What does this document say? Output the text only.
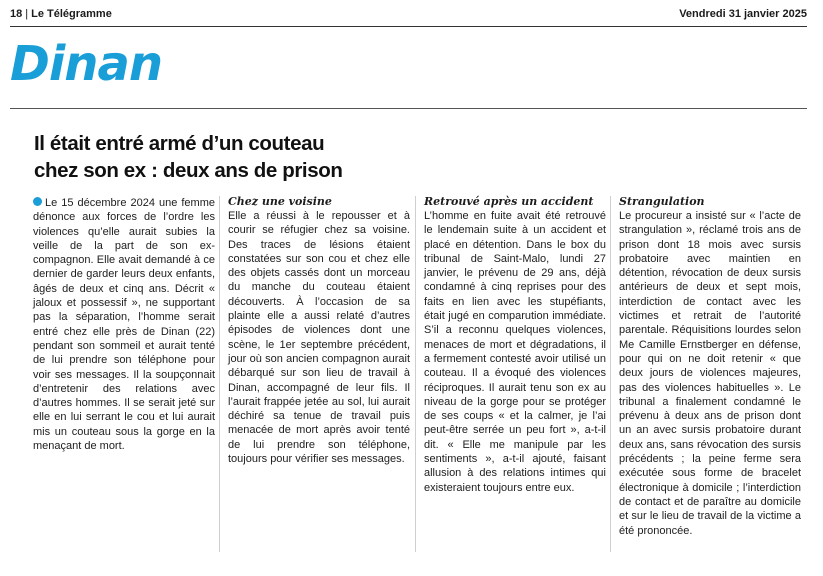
18 | Le Télégramme	Vendredi 31 janvier 2025
Dinan
Il était entré armé d’un couteau
chez son ex : deux ans de prison
Le 15 décembre 2024 une femme dénonce aux forces de l’ordre les violences qu’elle aurait subies la veille de la part de son ex-compagnon. Elle avait demandé à ce dernier de garder leurs deux enfants, âgés de deux et cinq ans. Décrit « jaloux et possessif », ne supportant pas la séparation, l’homme serait entré chez elle près de Dinan (22) pendant son sommeil et aurait tenté de lui prendre son téléphone pour voir ses messages. Il la soupçonnait d’entretenir des relations avec d’autres hommes. Il se serait jeté sur elle en lui serrant le cou et lui aurait mis un couteau sous la gorge en la menaçant de mort.
Chez une voisine
Elle a réussi à le repousser et à courir se réfugier chez sa voisine. Des traces de lésions étaient constatées sur son cou et chez elle des objets cassés dont un morceau du manche du couteau étaient découverts. À l’occasion de sa plainte elle a aussi relaté d’autres épisodes de violences dont une scène, le 1er septembre précédent, jour où son ancien compagnon aurait débarqué sur son lieu de travail à Dinan, accompagné de leur fils. Il l’aurait frappée jetée au sol, lui aurait déchiré sa tenue de travail puis menacée de mort après avoir tenté de lui prendre son téléphone, toujours pour vérifier ses messages.
Retrouvé après un accident
L’homme en fuite avait été retrouvé le lendemain suite à un accident et placé en détention. Dans le box du tribunal de Saint-Malo, lundi 27 janvier, le prévenu de 29 ans, déjà condamné à cinq reprises pour des faits en lien avec les stupéfiants, était jugé en comparution immédiate. S’il a reconnu quelques violences, menaces de mort et dégradations, il a fermement contesté avoir utilisé un couteau. Il a évoqué des violences réciproques. Il aurait tenu son ex au niveau de la gorge pour se protéger de ses coups « et la calmer, je l’ai peut-être serrée un peu fort », a-t-il dit. « Elle me manipule par les sentiments », a-t-il ajouté, faisant allusion à des relations intimes qui existeraient toujours entre eux.
Strangulation
Le procureur a insisté sur « l’acte de strangulation », réclamé trois ans de prison dont 18 mois avec sursis probatoire avec maintien en détention, révocation de deux sursis antérieurs de deux et sept mois, interdiction de contact avec les victimes et retrait de l’autorité parentale. Réquisitions lourdes selon Me Camille Ernstberger en défense, pour qui on ne doit retenir « que deux jours de violences majeures, pas des violences habituelles ». Le tribunal a finalement condamné le prévenu à deux ans de prison dont un an avec sursis probatoire durant deux ans, sans révocation des sursis précédents ; la peine ferme sera exécutée sous forme de bracelet électronique à domicile ; l’interdiction de contact et de paraître au domicile et sur le lieu de travail de la victime a été prononcée.
